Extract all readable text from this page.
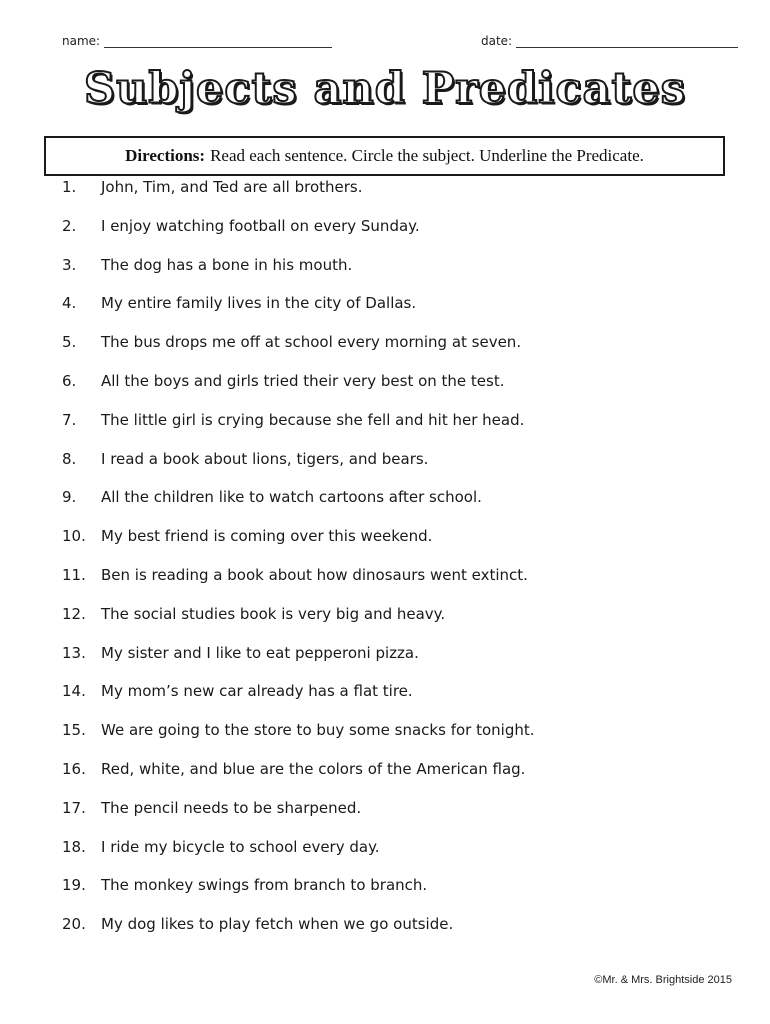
name:	date:
Subjects and Predicates
Directions: Read each sentence. Circle the subject. Underline the Predicate.
1.	John, Tim, and Ted are all brothers.
2.	I enjoy watching football on every Sunday.
3.	The dog has a bone in his mouth.
4.	My entire family lives in the city of Dallas.
5.	The bus drops me off at school every morning at seven.
6.	All the boys and girls tried their very best on the test.
7.	The little girl is crying because she fell and hit her head.
8.	I read a book about lions, tigers, and bears.
9.	All the children like to watch cartoons after school.
10.	My best friend is coming over this weekend.
11.	Ben is reading a book about how dinosaurs went extinct.
12.	The social studies book is very big and heavy.
13.	My sister and I like to eat pepperoni pizza.
14.	My mom’s new car already has a flat tire.
15.	We are going to the store to buy some snacks for tonight.
16.	Red, white, and blue are the colors of the American flag.
17.	The pencil needs to be sharpened.
18.	I ride my bicycle to school every day.
19.	The monkey swings from branch to branch.
20.	My dog likes to play fetch when we go outside.
©Mr. & Mrs. Brightside 2015
